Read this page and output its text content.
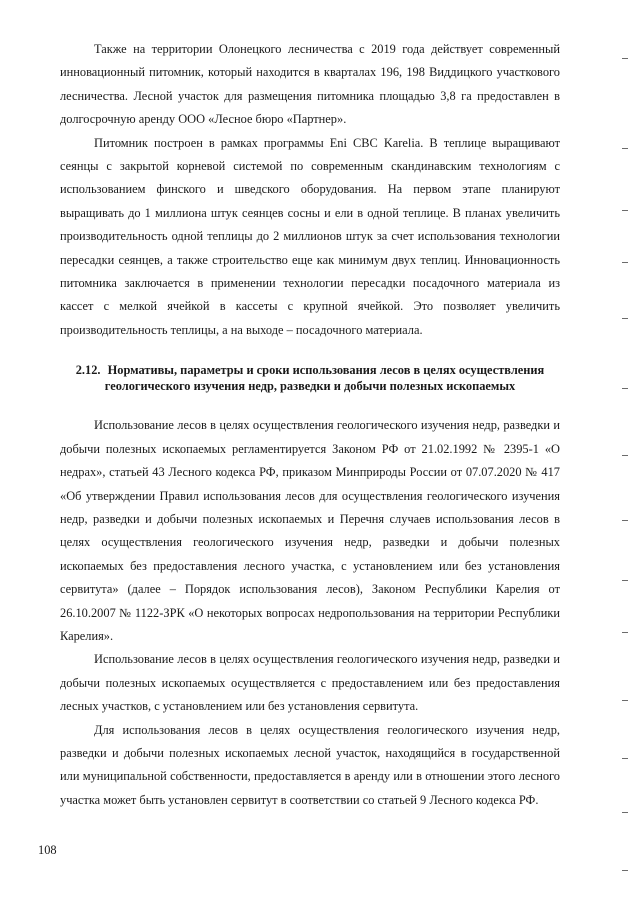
Также на территории Олонецкого лесничества с 2019 года действует современный инновационный питомник, который находится в кварталах 196, 198 Виддицкого участкового лесничества. Лесной участок для размещения питомника площадью 3,8 га предоставлен в долгосрочную аренду ООО «Лесное бюро «Партнер».

Питомник построен в рамках программы Eni CBC Karelia. В теплице выращивают сеянцы с закрытой корневой системой по современным скандинавским технологиям с использованием финского и шведского оборудования. На первом этапе планируют выращивать до 1 миллиона штук сеянцев сосны и ели в одной теплице. В планах увеличить производительность одной теплицы до 2 миллионов штук за счет использования технологии пересадки сеянцев, а также строительство еще как минимум двух теплиц. Инновационность питомника заключается в применении технологии пересадки посадочного материала из кассет с мелкой ячейкой в кассеты с крупной ячейкой. Это позволяет увеличить производительность теплицы, а на выходе – посадочного материала.

2.12. Нормативы, параметры и сроки использования лесов в целях осуществления геологического изучения недр, разведки и добычи полезных ископаемых

Использование лесов в целях осуществления геологического изучения недр, разведки и добычи полезных ископаемых регламентируется Законом РФ от 21.02.1992 № 2395-1 «О недрах», статьей 43 Лесного кодекса РФ, приказом Минприроды России от 07.07.2020 № 417 «Об утверждении Правил использования лесов для осуществления геологического изучения недр, разведки и добычи полезных ископаемых и Перечня случаев использования лесов в целях осуществления геологического изучения недр, разведки и добычи полезных ископаемых без предоставления лесного участка, с установлением или без установления сервитута» (далее – Порядок использования лесов), Законом Республики Карелия от 26.10.2007 № 1122-ЗРК «О некоторых вопросах недропользования на территории Республики Карелия».

Использование лесов в целях осуществления геологического изучения недр, разведки и добычи полезных ископаемых осуществляется с предоставлением или без предоставления лесных участков, с установлением или без установления сервитута.

Для использования лесов в целях осуществления геологического изучения недр, разведки и добычи полезных ископаемых лесной участок, находящийся в государственной или муниципальной собственности, предоставляется в аренду или в отношении этого лесного участка может быть установлен сервитут в соответствии со статьей 9 Лесного кодекса РФ.

108
